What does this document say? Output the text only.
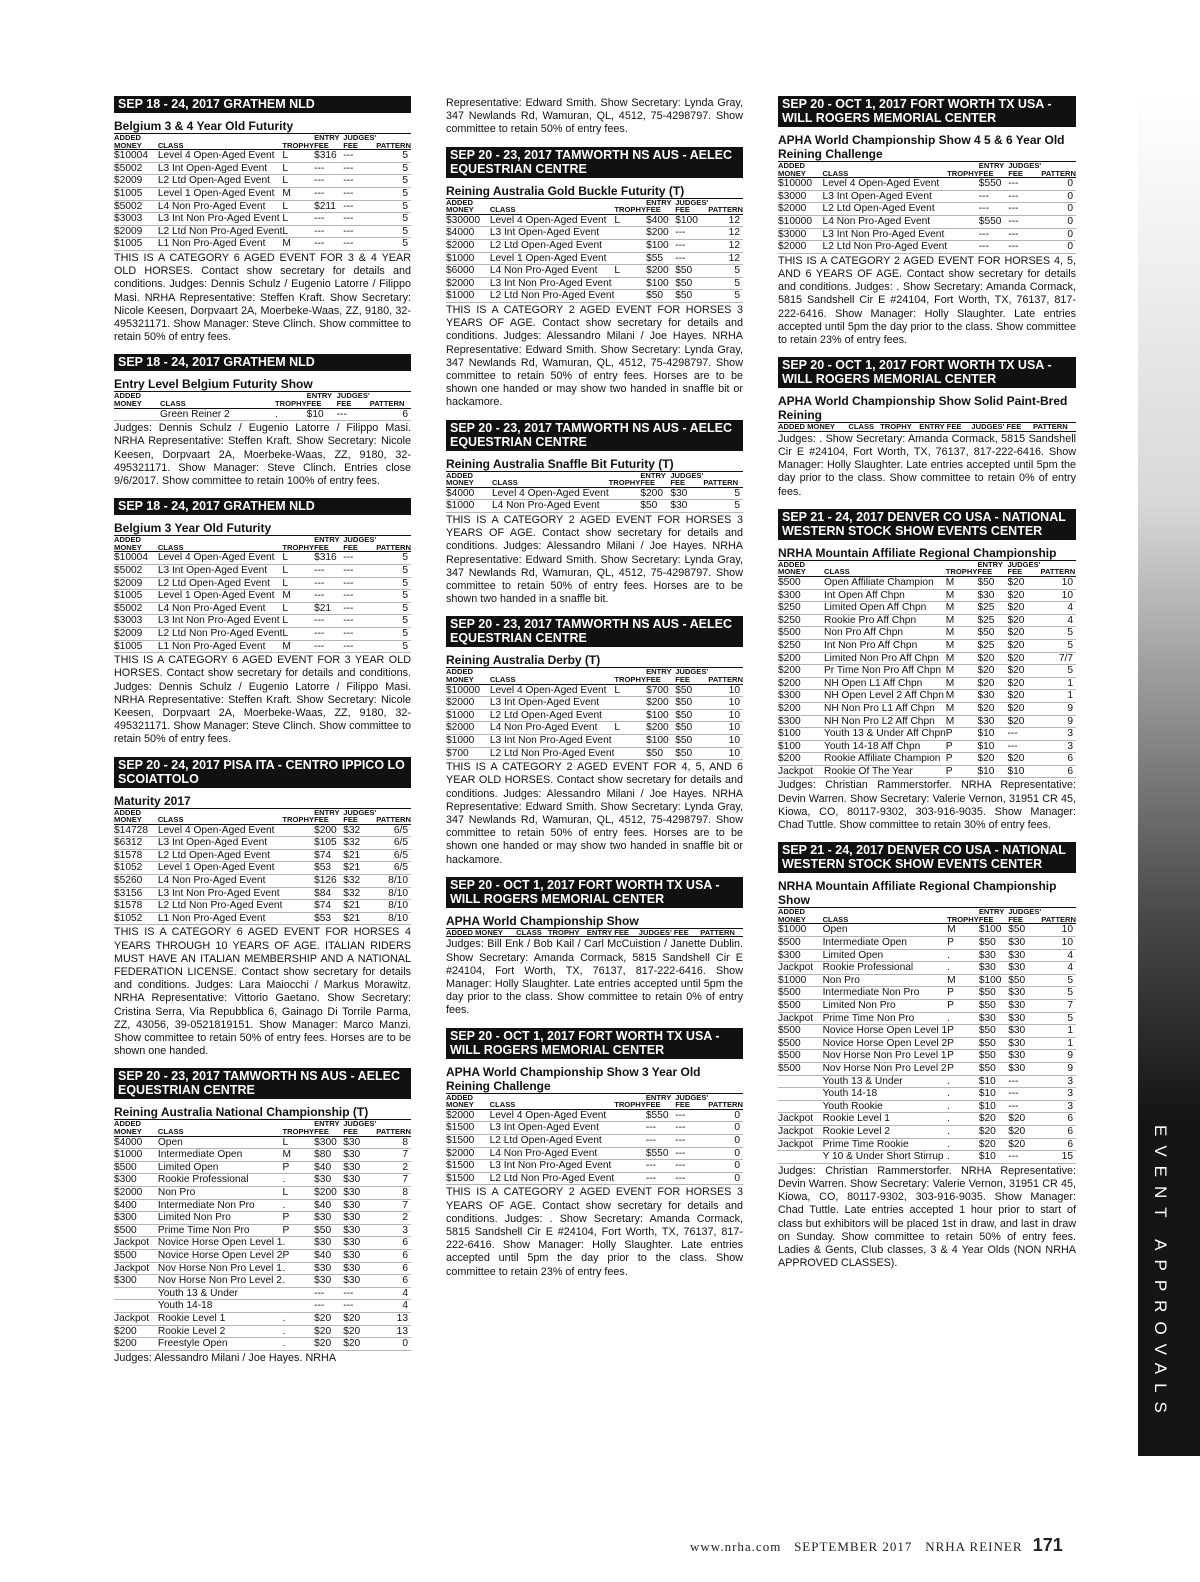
SEP 18 - 24, 2017 GRATHEM NLD
Belgium 3 & 4 Year Old Futurity
ADDED MONEY	CLASS	TROPHY	ENTRY FEE	JUDGES' FEE	PATTERN
$10004	Level 4 Open-Aged Event	L	$316	---	5
$5002	L3 Int Open-Aged Event	L	---	---	5
$2009	L2 Ltd Open-Aged Event	L	---	---	5
$1005	Level 1 Open-Aged Event	M	---	---	5
$5002	L4 Non Pro-Aged Event	L	$211	---	5
$3003	L3 Int Non Pro-Aged Event	L	---	---	5
$2009	L2 Ltd Non Pro-Aged Event	L	---	---	5
$1005	L1 Non Pro-Aged Event	M	---	---	5
THIS IS A CATEGORY 6 AGED EVENT FOR 3 & 4 YEAR OLD HORSES. Contact show secretary for details and conditions. Judges: Dennis Schulz / Eugenio Latorre / Filippo Masi. NRHA Representative: Steffen Kraft. Show Secretary: Nicole Keesen, Dorpvaart 2A, Moerbeke-Waas, ZZ, 9180, 32-495321171. Show Manager: Steve Clinch. Show committee to retain 50% of entry fees.
SEP 18 - 24, 2017 GRATHEM NLD
Entry Level Belgium Futurity Show
ADDED MONEY	CLASS	TROPHY	ENTRY FEE	JUDGES' FEE	PATTERN
	Green Reiner 2	.	$10	---	6
Judges: Dennis Schulz / Eugenio Latorre / Filippo Masi. NRHA Representative: Steffen Kraft. Show Secretary: Nicole Keesen, Dorpvaart 2A, Moerbeke-Waas, ZZ, 9180, 32-495321171. Show Manager: Steve Clinch. Entries close 9/6/2017. Show committee to retain 100% of entry fees.
SEP 18 - 24, 2017 GRATHEM NLD
Belgium 3 Year Old Futurity
ADDED MONEY	CLASS	TROPHY	ENTRY FEE	JUDGES' FEE	PATTERN
$10004	Level 4 Open-Aged Event	L	$316	---	5
$5002	L3 Int Open-Aged Event	L	---	---	5
$2009	L2 Ltd Open-Aged Event	L	---	---	5
$1005	Level 1 Open-Aged Event	M	---	---	5
$5002	L4 Non Pro-Aged Event	L	$21	---	5
$3003	L3 Int Non Pro-Aged Event	L	---	---	5
$2009	L2 Ltd Non Pro-Aged Event	L	---	---	5
$1005	L1 Non Pro-Aged Event	M	---	---	5
THIS IS A CATEGORY 6 AGED EVENT FOR 3 YEAR OLD HORSES. Contact show secretary for details and conditions. Judges: Dennis Schulz / Eugenio Latorre / Filippo Masi. NRHA Representative: Steffen Kraft. Show Secretary: Nicole Keesen, Dorpvaart 2A, Moerbeke-Waas, ZZ, 9180, 32-495321171. Show Manager: Steve Clinch. Show committee to retain 50% of entry fees.
SEP 20 - 24, 2017 PISA ITA - CENTRO IPPICO LO SCOIATTOLO
Maturity 2017
ADDED MONEY	CLASS	TROPHY	ENTRY FEE	JUDGES' FEE	PATTERN
$14728	Level 4 Open-Aged Event		$200	$32	6/5
$6312	L3 Int Open-Aged Event		$105	$32	6/5
$1578	L2 Ltd Open-Aged Event		$74	$21	6/5
$1052	Level 1 Open-Aged Event		$53	$21	6/5
$5260	L4 Non Pro-Aged Event		$126	$32	8/10
$3156	L3 Int Non Pro-Aged Event		$84	$32	8/10
$1578	L2 Ltd Non Pro-Aged Event		$74	$21	8/10
$1052	L1 Non Pro-Aged Event		$53	$21	8/10
THIS IS A CATEGORY 6 AGED EVENT FOR HORSES 4 YEARS THROUGH 10 YEARS OF AGE. ITALIAN RIDERS MUST HAVE AN ITALIAN MEMBERSHIP AND A NATIONAL FEDERATION LICENSE. Contact show secretary for details and conditions. Judges: Lara Maiocchi / Markus Morawitz. NRHA Representative: Vittorio Gaetano. Show Secretary: Cristina Serra, Via Repubblica 6, Gainago Di Torrile Parma, ZZ, 43056, 39-0521819151. Show Manager: Marco Manzi. Show committee to retain 50% of entry fees. Horses are to be shown one handed.
SEP 20 - 23, 2017 TAMWORTH NS AUS - AELEC EQUESTRIAN CENTRE
Reining Australia National Championship (T)
ADDED MONEY	CLASS	TROPHY	ENTRY FEE	JUDGES' FEE	PATTERN
$4000	Open	L	$300	$30	8
$1000	Intermediate Open	M	$80	$30	7
$500	Limited Open	P	$40	$30	2
$300	Rookie Professional	.	$30	$30	7
$2000	Non Pro	L	$200	$30	8
$400	Intermediate Non Pro	.	$40	$30	7
$300	Limited Non Pro	P	$30	$30	2
$500	Prime Time Non Pro	P	$50	$30	3
Jackpot	Novice Horse Open Level 1	.	$30	$30	6
$500	Novice Horse Open Level 2	P	$40	$30	6
Jackpot	Nov Horse Non Pro Level 1	.	$30	$30	6
$300	Nov Horse Non Pro Level 2	.	$30	$30	6
	Youth 13 & Under		---	---	4
	Youth 14-18		---	---	4
Jackpot	Rookie Level 1	.	$20	$20	13
$200	Rookie Level 2	.	$20	$20	13
$200	Freestyle Open	.	$20	$20	0
Judges: Alessandro Milani / Joe Hayes. NRHA
Representative: Edward Smith. Show Secretary: Lynda Gray, 347 Newlands Rd, Wamuran, QL, 4512, 75-4298797. Show committee to retain 50% of entry fees.
SEP 20 - 23, 2017 TAMWORTH NS AUS - AELEC EQUESTRIAN CENTRE
Reining Australia Gold Buckle Futurity (T)
ADDED MONEY	CLASS	TROPHY	ENTRY FEE	JUDGES' FEE	PATTERN
$30000	Level 4 Open-Aged Event	L	$400	$100	12
$4000	L3 Int Open-Aged Event		$200	---	12
$2000	L2 Ltd Open-Aged Event		$100	---	12
$1000	Level 1 Open-Aged Event		$55	---	12
$6000	L4 Non Pro-Aged Event	L	$200	$50	5
$2000	L3 Int Non Pro-Aged Event		$100	$50	5
$1000	L2 Ltd Non Pro-Aged Event		$50	$50	5
THIS IS A CATEGORY 2 AGED EVENT FOR HORSES 3 YEARS OF AGE. Contact show secretary for details and conditions. Judges: Alessandro Milani / Joe Hayes. NRHA Representative: Edward Smith. Show Secretary: Lynda Gray, 347 Newlands Rd, Wamuran, QL, 4512, 75-4298797. Show committee to retain 50% of entry fees. Horses are to be shown one handed or may show two handed in snaffle bit or hackamore.
SEP 20 - 23, 2017 TAMWORTH NS AUS - AELEC EQUESTRIAN CENTRE
Reining Australia Snaffle Bit Futurity (T)
ADDED MONEY	CLASS	TROPHY	ENTRY FEE	JUDGES' FEE	PATTERN
$4000	Level 4 Open-Aged Event		$200	$30	5
$1000	L4 Non Pro-Aged Event		$50	$30	5
THIS IS A CATEGORY 2 AGED EVENT FOR HORSES 3 YEARS OF AGE. Contact show secretary for details and conditions. Judges: Alessandro Milani / Joe Hayes. NRHA Representative: Edward Smith. Show Secretary: Lynda Gray, 347 Newlands Rd, Wamuran, QL, 4512, 75-4298797. Show committee to retain 50% of entry fees. Horses are to be shown two handed in a snaffle bit.
SEP 20 - 23, 2017 TAMWORTH NS AUS - AELEC EQUESTRIAN CENTRE
Reining Australia Derby (T)
ADDED MONEY	CLASS	TROPHY	ENTRY FEE	JUDGES' FEE	PATTERN
$10000	Level 4 Open-Aged Event	L	$700	$50	10
$2000	L3 Int Open-Aged Event		$200	$50	10
$1000	L2 Ltd Open-Aged Event		$100	$50	10
$2000	L4 Non Pro-Aged Event	L	$200	$50	10
$1000	L3 Int Non Pro-Aged Event		$100	$50	10
$700	L2 Ltd Non Pro-Aged Event		$50	$50	10
THIS IS A CATEGORY 2 AGED EVENT FOR 4, 5, AND 6 YEAR OLD HORSES. Contact show secretary for details and conditions. Judges: Alessandro Milani / Joe Hayes. NRHA Representative: Edward Smith. Show Secretary: Lynda Gray, 347 Newlands Rd, Wamuran, QL, 4512, 75-4298797. Show committee to retain 50% of entry fees. Horses are to be shown one handed or may show two handed in snaffle bit or hackamore.
SEP 20 - OCT 1, 2017 FORT WORTH TX USA - WILL ROGERS MEMORIAL CENTER
APHA World Championship Show
ADDED MONEY	CLASS	TROPHY	ENTRY FEE	JUDGES' FEE	PATTERN
Judges: Bill Enk / Bob Kail / Carl McCuistion / Janette Dublin. Show Secretary: Amanda Cormack, 5815 Sandshell Cir E #24104, Fort Worth, TX, 76137, 817-222-6416. Show Manager: Holly Slaughter. Late entries accepted until 5pm the day prior to the class. Show committee to retain 0% of entry fees.
SEP 20 - OCT 1, 2017 FORT WORTH TX USA - WILL ROGERS MEMORIAL CENTER
APHA World Championship Show 3 Year Old Reining Challenge
ADDED MONEY	CLASS	TROPHY	ENTRY FEE	JUDGES' FEE	PATTERN
$2000	Level 4 Open-Aged Event		$550	---	0
$1500	L3 Int Open-Aged Event		---	---	0
$1500	L2 Ltd Open-Aged Event		---	---	0
$2000	L4 Non Pro-Aged Event		$550	---	0
$1500	L3 Int Non Pro-Aged Event		---	---	0
$1500	L2 Ltd Non Pro-Aged Event		---	---	0
THIS IS A CATEGORY 2 AGED EVENT FOR HORSES 3 YEARS OF AGE. Contact show secretary for details and conditions. Judges: . Show Secretary: Amanda Cormack, 5815 Sandshell Cir E #24104, Fort Worth, TX, 76137, 817-222-6416. Show Manager: Holly Slaughter. Late entries accepted until 5pm the day prior to the class. Show committee to retain 23% of entry fees.
SEP 20 - OCT 1, 2017 FORT WORTH TX USA - WILL ROGERS MEMORIAL CENTER
APHA World Championship Show 4 5 & 6 Year Old Reining Challenge
ADDED MONEY	CLASS	TROPHY	ENTRY FEE	JUDGES' FEE	PATTERN
$10000	Level 4 Open-Aged Event		$550	---	0
$3000	L3 Int Open-Aged Event		---	---	0
$2000	L2 Ltd Open-Aged Event		---	---	0
$10000	L4 Non Pro-Aged Event		$550	---	0
$3000	L3 Int Non Pro-Aged Event		---	---	0
$2000	L2 Ltd Non Pro-Aged Event		---	---	0
THIS IS A CATEGORY 2 AGED EVENT FOR HORSES 4, 5, AND 6 YEARS OF AGE. Contact show secretary for details and conditions. Judges: . Show Secretary: Amanda Cormack, 5815 Sandshell Cir E #24104, Fort Worth, TX, 76137, 817-222-6416. Show Manager: Holly Slaughter. Late entries accepted until 5pm the day prior to the class. Show committee to retain 23% of entry fees.
SEP 20 - OCT 1, 2017 FORT WORTH TX USA - WILL ROGERS MEMORIAL CENTER
APHA World Championship Show Solid Paint-Bred Reining
ADDED MONEY	CLASS	TROPHY	ENTRY FEE	JUDGES' FEE	PATTERN
Judges: . Show Secretary: Amanda Cormack, 5815 Sandshell Cir E #24104, Fort Worth, TX, 76137, 817-222-6416. Show Manager: Holly Slaughter. Late entries accepted until 5pm the day prior to the class. Show committee to retain 0% of entry fees.
SEP 21 - 24, 2017 DENVER CO USA - NATIONAL WESTERN STOCK SHOW EVENTS CENTER
NRHA Mountain Affiliate Regional Championship
ADDED MONEY	CLASS	TROPHY	ENTRY FEE	JUDGES' FEE	PATTERN
$500	Open Affiliate Champion	M	$50	$20	10
$300	Int Open Aff Chpn	M	$30	$20	10
$250	Limited Open Aff Chpn	M	$25	$20	4
$250	Rookie Pro Aff Chpn	M	$25	$20	4
$500	Non Pro Aff Chpn	M	$50	$20	5
$250	Int Non Pro Aff Chpn	M	$25	$20	5
$200	Limited Non Pro Aff Chpn	M	$20	$20	7/7
$200	Pr Time Non Pro Aff Chpn	M	$20	$20	5
$200	NH Open L1 Aff Chpn	M	$20	$20	1
$300	NH Open Level 2 Aff Chpn	M	$30	$20	1
$200	NH Non Pro L1 Aff Chpn	M	$20	$20	9
$300	NH Non Pro L2 Aff Chpn	M	$30	$20	9
$100	Youth 13 & Under Aff Chpn	P	$10	---	3
$100	Youth 14-18 Aff Chpn	P	$10	---	3
$200	Rookie Affiliate Champion	P	$20	$20	6
Jackpot	Rookie Of The Year	P	$10	$10	6
Judges: Christian Rammerstorfer. NRHA Representative: Devin Warren. Show Secretary: Valerie Vernon, 31951 CR 45, Kiowa, CO, 80117-9302, 303-916-9035. Show Manager: Chad Tuttle. Show committee to retain 30% of entry fees.
SEP 21 - 24, 2017 DENVER CO USA - NATIONAL WESTERN STOCK SHOW EVENTS CENTER
NRHA Mountain Affiliate Regional Championship Show
ADDED MONEY	CLASS	TROPHY	ENTRY FEE	JUDGES' FEE	PATTERN
$1000	Open	M	$100	$50	10
$500	Intermediate Open	P	$50	$30	10
$300	Limited Open	.	$30	$30	4
Jackpot	Rookie Professional	.	$30	$30	4
$1000	Non Pro	M	$100	$50	5
$500	Intermediate Non Pro	P	$50	$30	5
$500	Limited Non Pro	P	$50	$30	7
Jackpot	Prime Time Non Pro	.	$30	$30	5
$500	Novice Horse Open Level 1	P	$50	$30	1
$500	Novice Horse Open Level 2	P	$50	$30	1
$500	Nov Horse Non Pro Level 1	P	$50	$30	9
$500	Nov Horse Non Pro Level 2	P	$50	$30	9
	Youth 13 & Under	.	$10	---	3
	Youth 14-18	.	$10	---	3
	Youth Rookie	.	$10	---	3
Jackpot	Rookie Level 1	.	$20	$20	6
Jackpot	Rookie Level 2	.	$20	$20	6
Jackpot	Prime Time Rookie	.	$20	$20	6
	Y 10 & Under Short Stirrup	.	$10	---	15
Judges: Christian Rammerstorfer. NRHA Representative: Devin Warren. Show Secretary: Valerie Vernon, 31951 CR 45, Kiowa, CO, 80117-9302, 303-916-9035. Show Manager: Chad Tuttle. Late entries accepted 1 hour prior to start of class but exhibitors will be placed 1st in draw, and last in draw on Sunday. Show committee to retain 50% of entry fees. Ladies & Gents, Club classes, 3 & 4 Year Olds (NON NRHA APPROVED CLASSES).	EVENT APPROVALS
www.nrha.com SEPTEMBER 2017 NRHA REINER 171
